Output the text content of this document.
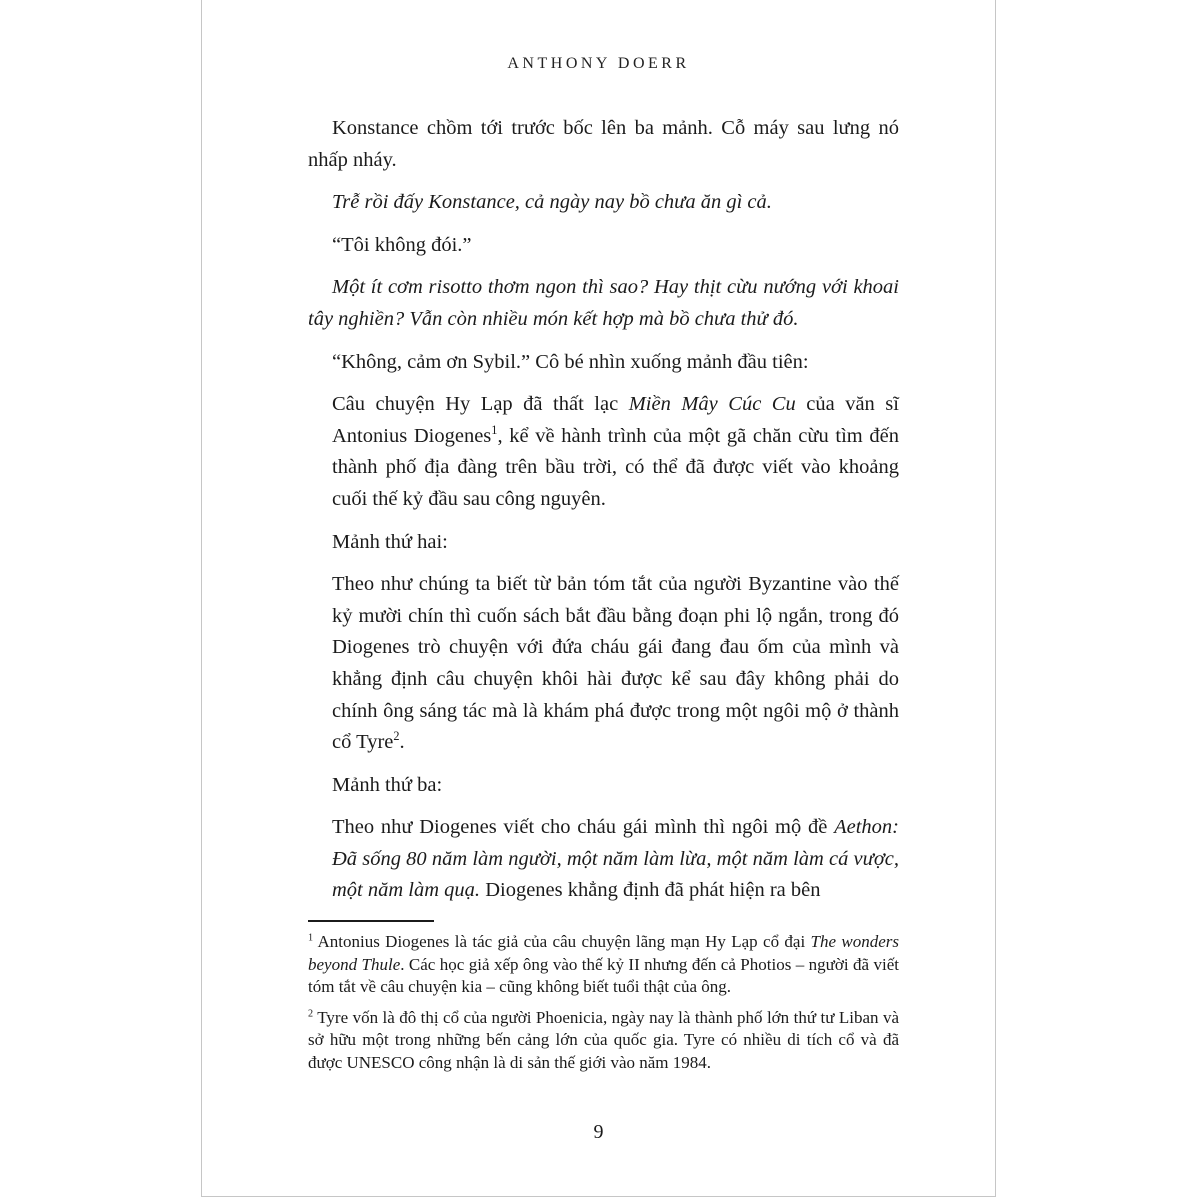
ANTHONY DOERR

Konstance chồm tới trước bốc lên ba mảnh. Cỗ máy sau lưng nó nhấp nháy.

Trễ rồi đấy Konstance, cả ngày nay bồ chưa ăn gì cả.

“Tôi không đói.”

Một ít cơm risotto thơm ngon thì sao? Hay thịt cừu nướng với khoai tây nghiền? Vẫn còn nhiều món kết hợp mà bồ chưa thử đó.

“Không, cảm ơn Sybil.” Cô bé nhìn xuống mảnh đầu tiên:

Câu chuyện Hy Lạp đã thất lạc Miền Mây Cúc Cu của văn sĩ Antonius Diogenes$^1$, kể về hành trình của một gã chăn cừu tìm đến thành phố địa đàng trên bầu trời, có thể đã được viết vào khoảng cuối thế kỷ đầu sau công nguyên.

Mảnh thứ hai:

Theo như chúng ta biết từ bản tóm tắt của người Byzantine vào thế kỷ mười chín thì cuốn sách bắt đầu bằng đoạn phi lộ ngắn, trong đó Diogenes trò chuyện với đứa cháu gái đang đau ốm của mình và khẳng định câu chuyện khôi hài được kể sau đây không phải do chính ông sáng tác mà là khám phá được trong một ngôi mộ ở thành cổ Tyre$^2$.

Mảnh thứ ba:

Theo như Diogenes viết cho cháu gái mình thì ngôi mộ đề Aethon: Đã sống 80 năm làm người, một năm làm lừa, một năm làm cá vược, một năm làm quạ. Diogenes khẳng định đã phát hiện ra bên

$^1$ Antonius Diogenes là tác giả của câu chuyện lãng mạn Hy Lạp cổ đại The wonders beyond Thule. Các học giả xếp ông vào thế kỷ II nhưng đến cả Photios – người đã viết tóm tắt về câu chuyện kia – cũng không biết tuổi thật của ông.

$^2$ Tyre vốn là đô thị cổ của người Phoenicia, ngày nay là thành phố lớn thứ tư Liban và sở hữu một trong những bến cảng lớn của quốc gia. Tyre có nhiều di tích cổ và đã được UNESCO công nhận là di sản thế giới vào năm 1984.

9
